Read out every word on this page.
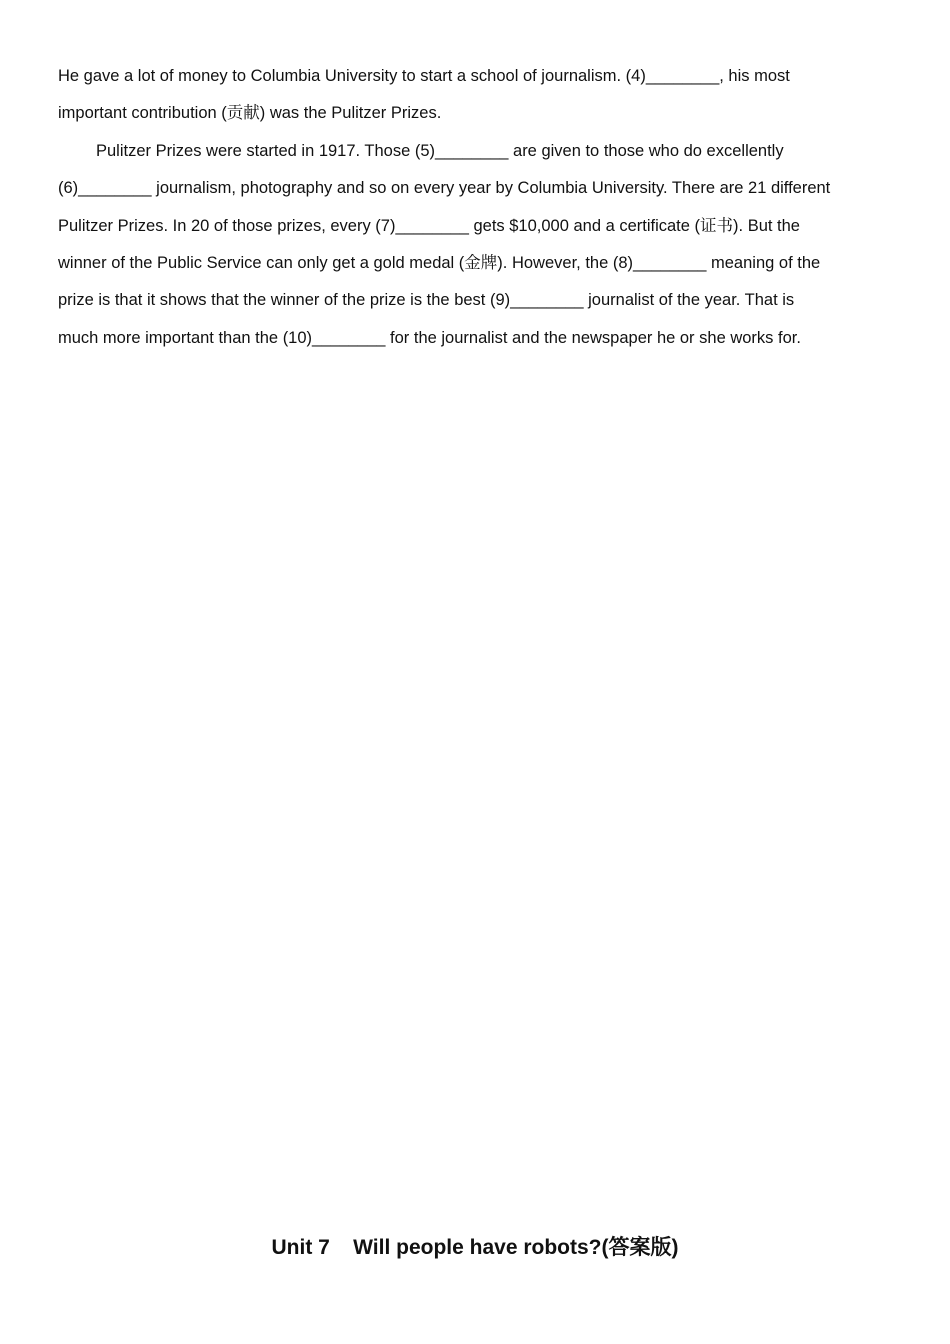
He gave a lot of money to Columbia University to start a school of journalism. (4)________, his most
important contribution (贡献) was the Pulitzer Prizes.
Pulitzer Prizes were started in 1917. Those (5)________ are given to those who do excellently
(6)________ journalism, photography and so on every year by Columbia University. There are 21 different
Pulitzer Prizes. In 20 of those prizes, every (7)________ gets $10,000 and a certificate (证书). But the
winner of the Public Service can only get a gold medal (金牌). However, the (8)________ meaning of the
prize is that it shows that the winner of the prize is the best (9)________ journalist of the year. That is
much more important than the (10)________ for the journalist and the newspaper he or she works for.
Unit 7    Will people have robots?(答案版)
